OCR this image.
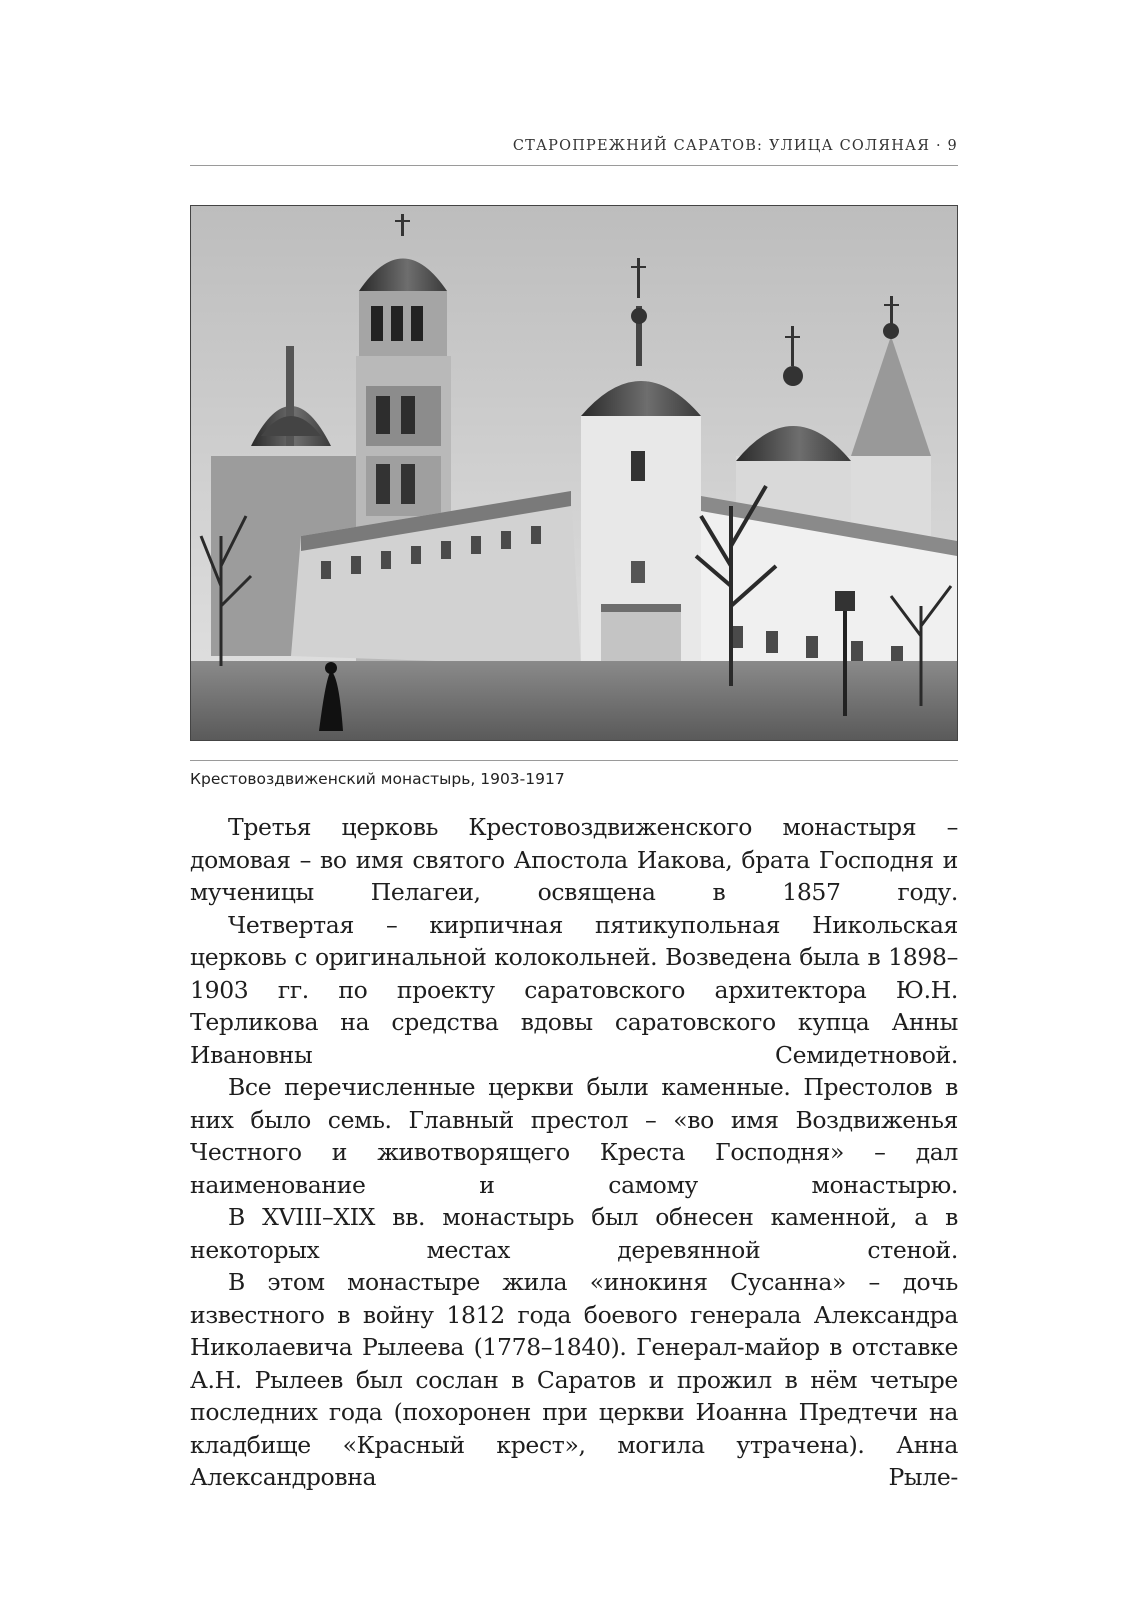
СТАРОПРЕЖНИЙ САРАТОВ: УЛИЦА СОЛЯНАЯ · 9
Крестовоздвиженский монастырь, 1903-1917

Третья церковь Крестовоздвиженского монастыря – домовая – во имя святого Апостола Иакова, брата Господня и мученицы Пелагеи, освящена в 1857 году.

Четвертая – кирпичная пятикупольная Никольская церковь с оригинальной колокольней. Возведена была в 1898–1903 гг. по проекту саратовского архитектора Ю.Н. Терликова на средства вдовы саратовского купца Анны Ивановны Семидетновой.

Все перечисленные церкви были каменные. Престолов в них было семь. Главный престол – «во имя Воздвиженья Честного и животворящего Креста Господня» – дал наименование и самому монастырю.

В XVIII–XIX вв. монастырь был обнесен каменной, а в некоторых местах деревянной стеной.

В этом монастыре жила «инокиня Сусанна» – дочь известного в войну 1812 года боевого генерала Александра Николаевича Рылеева (1778–1840). Генерал-майор в отставке А.Н. Рылеев был сослан в Саратов и прожил в нём четыре последних года (похоронен при церкви Иоанна Предтечи на кладбище «Красный крест», могила утрачена). Анна Александровна Рыле-
